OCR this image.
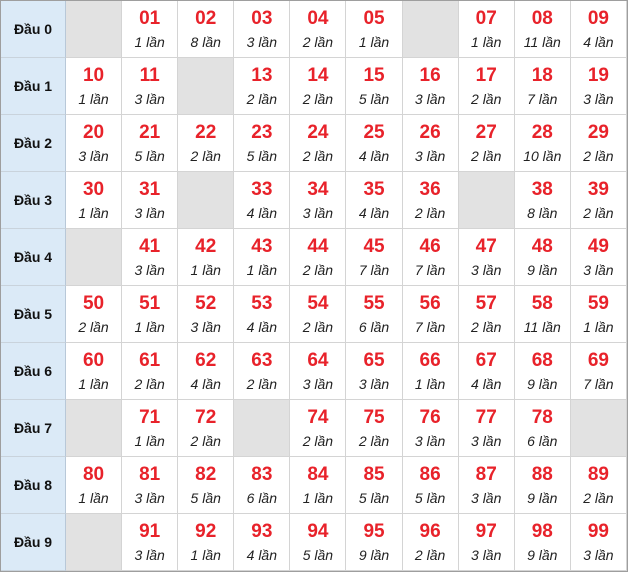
Đầu 0
01
1 lần
02
8 lần
03
3 lần
04
2 lần
05
1 lần
07
1 lần
08
11 lần
09
4 lần
Đầu 1
10
1 lần
11
3 lần
13
2 lần
14
2 lần
15
5 lần
16
3 lần
17
2 lần
18
7 lần
19
3 lần
Đầu 2
20
3 lần
21
5 lần
22
2 lần
23
5 lần
24
2 lần
25
4 lần
26
3 lần
27
2 lần
28
10 lần
29
2 lần
Đầu 3
30
1 lần
31
3 lần
33
4 lần
34
3 lần
35
4 lần
36
2 lần
38
8 lần
39
2 lần
Đầu 4
41
3 lần
42
1 lần
43
1 lần
44
2 lần
45
7 lần
46
7 lần
47
3 lần
48
9 lần
49
3 lần
Đầu 5
50
2 lần
51
1 lần
52
3 lần
53
4 lần
54
2 lần
55
6 lần
56
7 lần
57
2 lần
58
11 lần
59
1 lần
Đầu 6
60
1 lần
61
2 lần
62
4 lần
63
2 lần
64
3 lần
65
3 lần
66
1 lần
67
4 lần
68
9 lần
69
7 lần
Đầu 7
71
1 lần
72
2 lần
74
2 lần
75
2 lần
76
3 lần
77
3 lần
78
6 lần
Đầu 8
80
1 lần
81
3 lần
82
5 lần
83
6 lần
84
1 lần
85
5 lần
86
5 lần
87
3 lần
88
9 lần
89
2 lần
Đầu 9
91
3 lần
92
1 lần
93
4 lần
94
5 lần
95
9 lần
96
2 lần
97
3 lần
98
9 lần
99
3 lần
